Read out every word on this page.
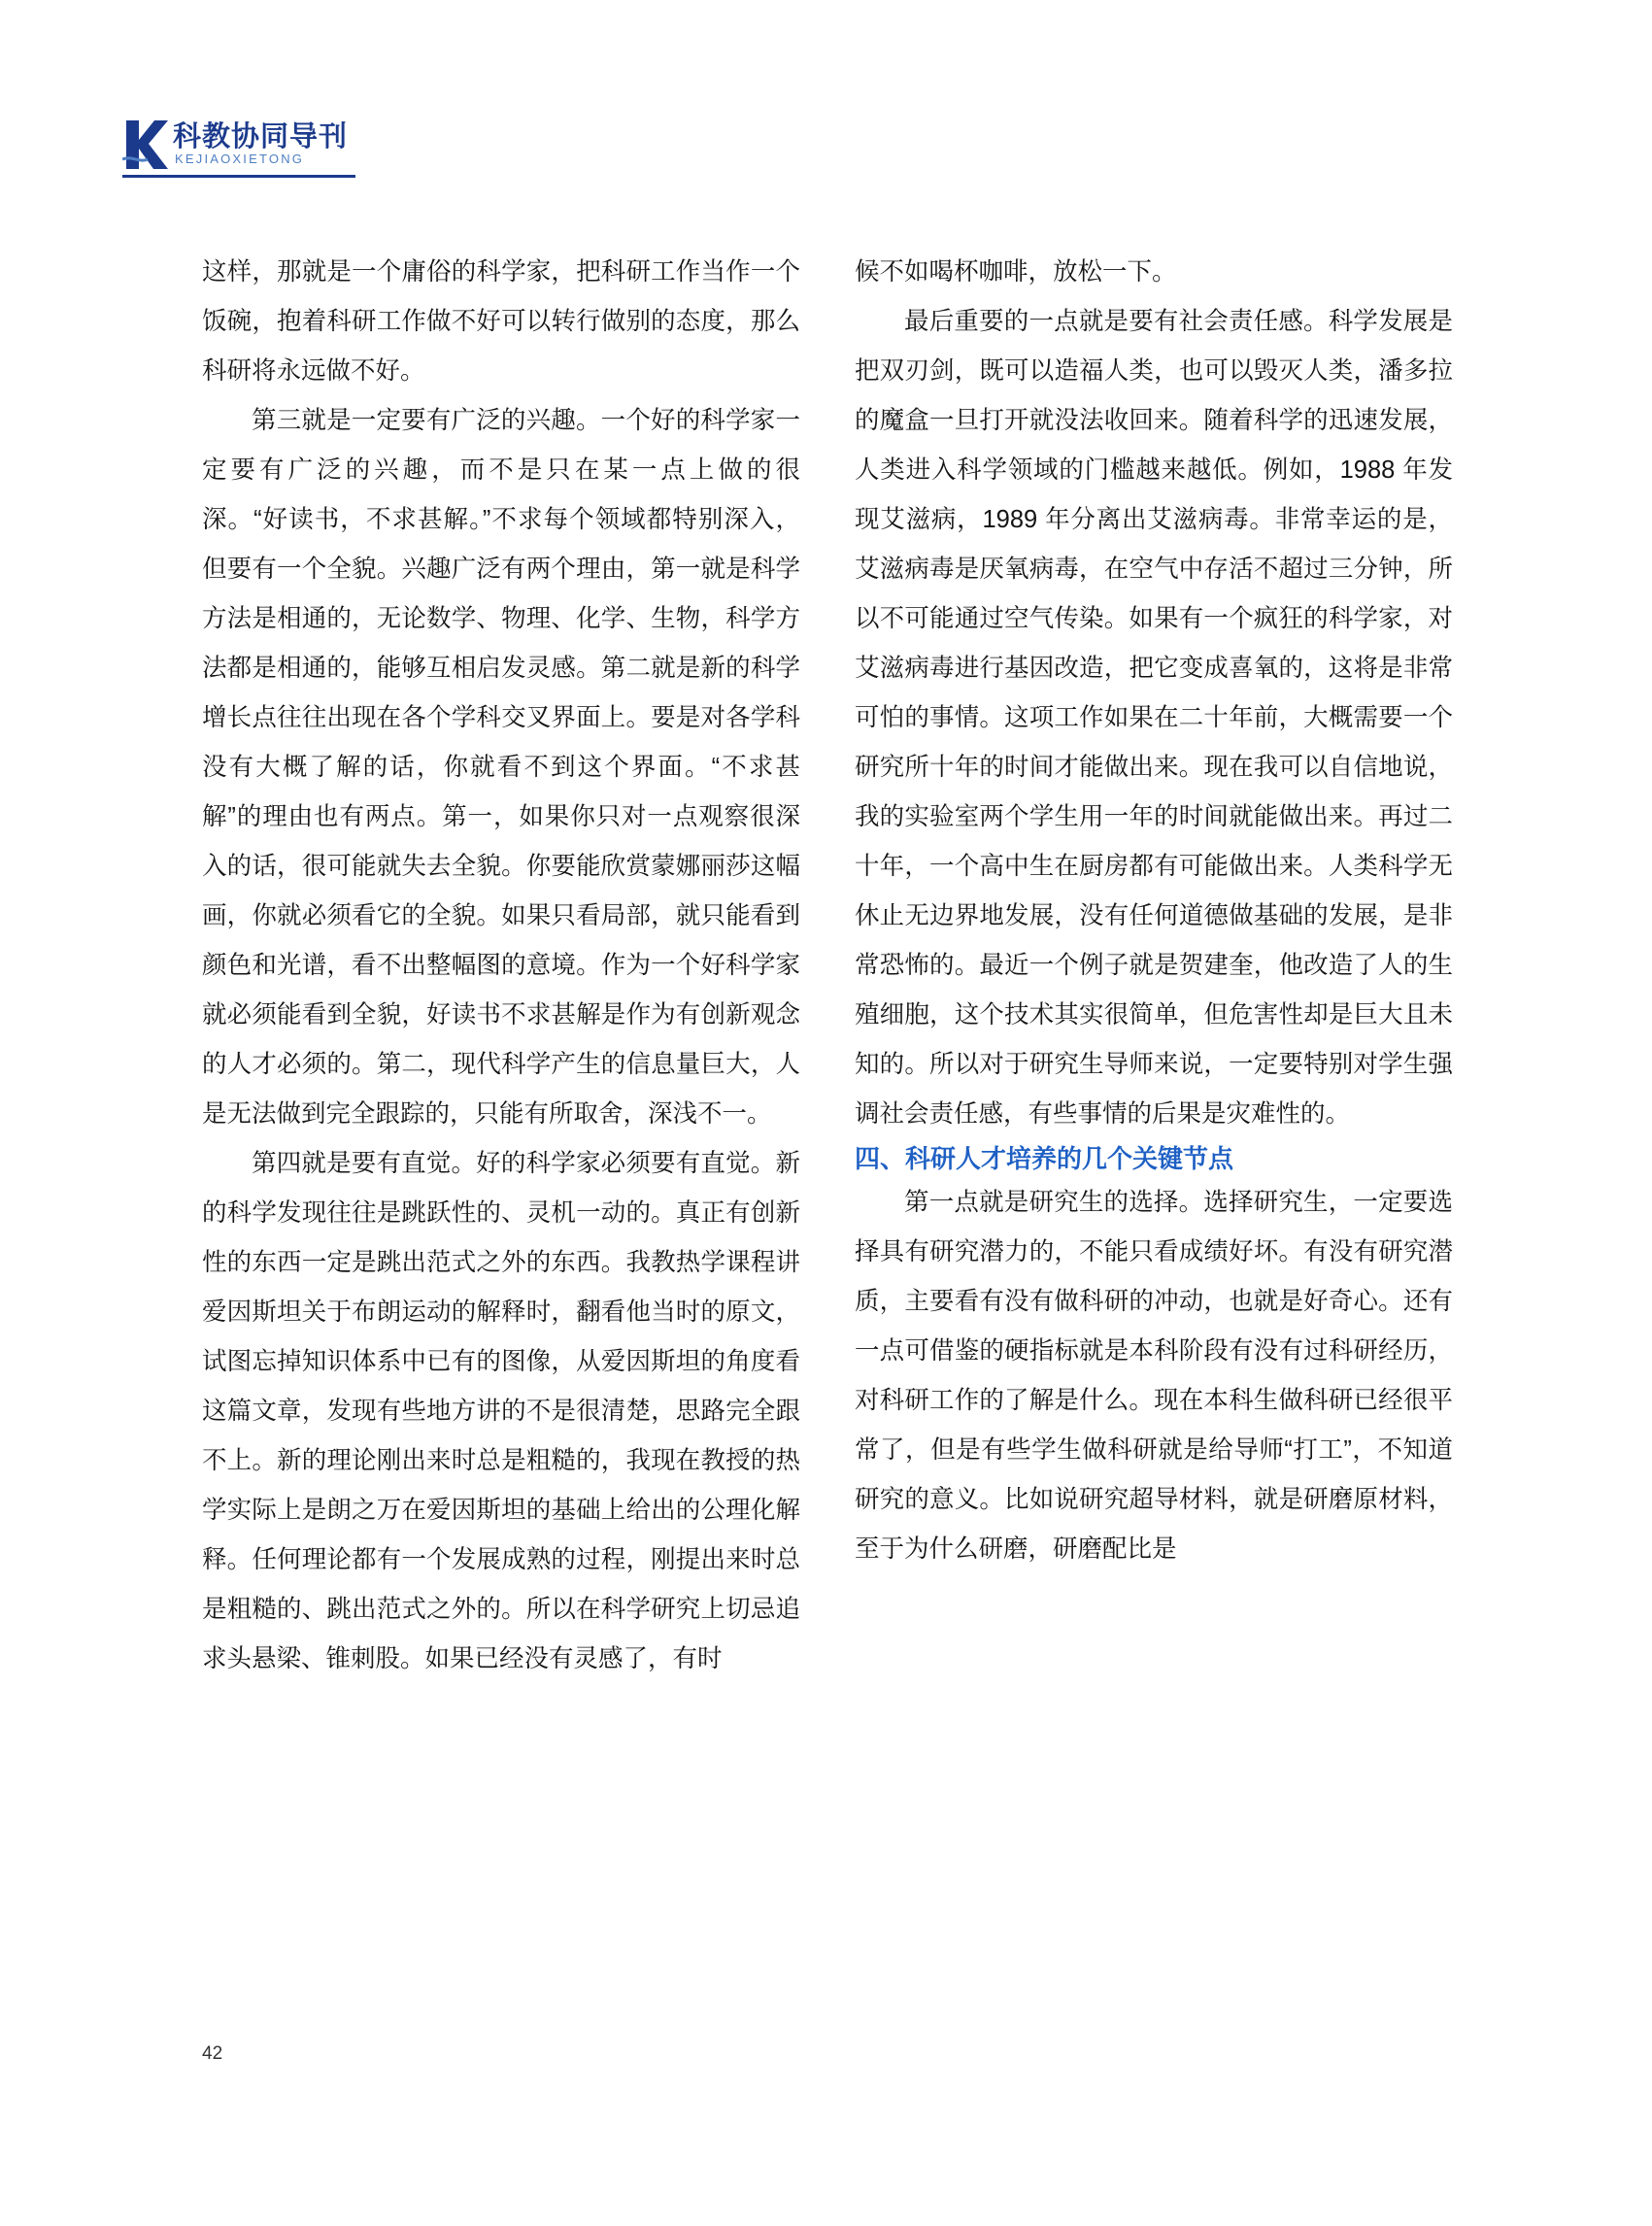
科教协同导刊
KEJIAOXIETONG

这样，那就是一个庸俗的科学家，把科研工作当作一个饭碗，抱着科研工作做不好可以转行做别的态度，那么科研将永远做不好。

第三就是一定要有广泛的兴趣。一个好的科学家一定要有广泛的兴趣，而不是只在某一点上做的很深。“好读书，不求甚解。”不求每个领域都特别深入，但要有一个全貌。兴趣广泛有两个理由，第一就是科学方法是相通的，无论数学、物理、化学、生物，科学方法都是相通的，能够互相启发灵感。第二就是新的科学增长点往往出现在各个学科交叉界面上。要是对各学科没有大概了解的话，你就看不到这个界面。“不求甚解”的理由也有两点。第一，如果你只对一点观察很深入的话，很可能就失去全貌。你要能欣赏蒙娜丽莎这幅画，你就必须看它的全貌。如果只看局部，就只能看到颜色和光谱，看不出整幅图的意境。作为一个好科学家就必须能看到全貌，好读书不求甚解是作为有创新观念的人才必须的。第二，现代科学产生的信息量巨大，人是无法做到完全跟踪的，只能有所取舍，深浅不一。

第四就是要有直觉。好的科学家必须要有直觉。新的科学发现往往是跳跃性的、灵机一动的。真正有创新性的东西一定是跳出范式之外的东西。我教热学课程讲爱因斯坦关于布朗运动的解释时，翻看他当时的原文，试图忘掉知识体系中已有的图像，从爱因斯坦的角度看这篇文章，发现有些地方讲的不是很清楚，思路完全跟不上。新的理论刚出来时总是粗糙的，我现在教授的热学实际上是朗之万在爱因斯坦的基础上给出的公理化解释。任何理论都有一个发展成熟的过程，刚提出来时总是粗糙的、跳出范式之外的。所以在科学研究上切忌追求头悬梁、锥刺股。如果已经没有灵感了，有时

候不如喝杯咖啡，放松一下。

最后重要的一点就是要有社会责任感。科学发展是把双刃剑，既可以造福人类，也可以毁灭人类，潘多拉的魔盒一旦打开就没法收回来。随着科学的迅速发展，人类进入科学领域的门槛越来越低。例如，1988 年发现艾滋病，1989 年分离出艾滋病毒。非常幸运的是，艾滋病毒是厌氧病毒，在空气中存活不超过三分钟，所以不可能通过空气传染。如果有一个疯狂的科学家，对艾滋病毒进行基因改造，把它变成喜氧的，这将是非常可怕的事情。这项工作如果在二十年前，大概需要一个研究所十年的时间才能做出来。现在我可以自信地说，我的实验室两个学生用一年的时间就能做出来。再过二十年，一个高中生在厨房都有可能做出来。人类科学无休止无边界地发展，没有任何道德做基础的发展，是非常恐怖的。最近一个例子就是贺建奎，他改造了人的生殖细胞，这个技术其实很简单，但危害性却是巨大且未知的。所以对于研究生导师来说，一定要特别对学生强调社会责任感，有些事情的后果是灾难性的。

四、科研人才培养的几个关键节点

第一点就是研究生的选择。选择研究生，一定要选择具有研究潜力的，不能只看成绩好坏。有没有研究潜质，主要看有没有做科研的冲动，也就是好奇心。还有一点可借鉴的硬指标就是本科阶段有没有过科研经历，对科研工作的了解是什么。现在本科生做科研已经很平常了，但是有些学生做科研就是给导师“打工”，不知道研究的意义。比如说研究超导材料，就是研磨原材料，至于为什么研磨，研磨配比是

42
